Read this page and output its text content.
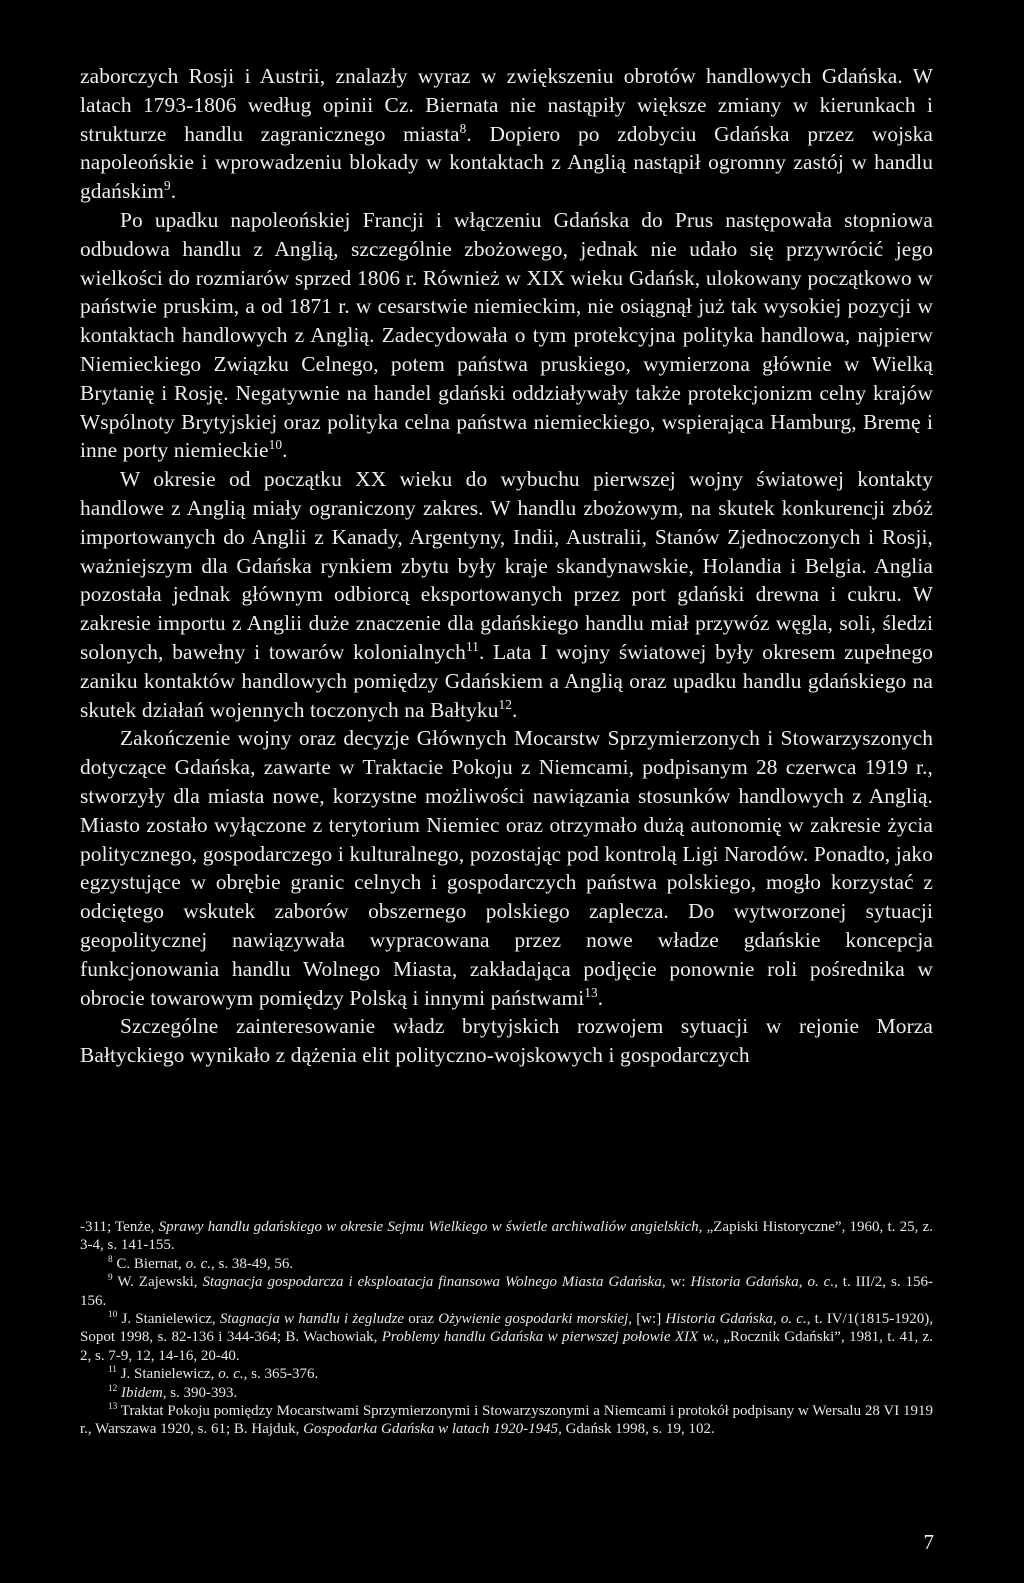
zaborczych Rosji i Austrii, znalazły wyraz w zwiększeniu obrotów handlowych Gdańska. W latach 1793-1806 według opinii Cz. Biernata nie nastąpiły większe zmiany w kierunkach i strukturze handlu zagranicznego miasta$^8$. Dopiero po zdobyciu Gdańska przez wojska napoleońskie i wprowadzeniu blokady w kontaktach z Anglią nastąpił ogromny zastój w handlu gdańskim$^9$.

Po upadku napoleońskiej Francji i włączeniu Gdańska do Prus następowała stopniowa odbudowa handlu z Anglią, szczególnie zbożowego, jednak nie udało się przywrócić jego wielkości do rozmiarów sprzed 1806 r. Również w XIX wieku Gdańsk, ulokowany początkowo w państwie pruskim, a od 1871 r. w cesarstwie niemieckim, nie osiągnął już tak wysokiej pozycji w kontaktach handlowych z Anglią. Zadecydowała o tym protekcyjna polityka handlowa, najpierw Niemieckiego Związku Celnego, potem państwa pruskiego, wymierzona głównie w Wielką Brytanię i Rosję. Negatywnie na handel gdański oddziaływały także protekcjonizm celny krajów Wspólnoty Brytyjskiej oraz polityka celna państwa niemieckiego, wspierająca Hamburg, Bremę i inne porty niemieckie$^{10}$.

W okresie od początku XX wieku do wybuchu pierwszej wojny światowej kontakty handlowe z Anglią miały ograniczony zakres. W handlu zbożowym, na skutek konkurencji zbóż importowanych do Anglii z Kanady, Argentyny, Indii, Australii, Stanów Zjednoczonych i Rosji, ważniejszym dla Gdańska rynkiem zbytu były kraje skandynawskie, Holandia i Belgia. Anglia pozostała jednak głównym odbiorcą eksportowanych przez port gdański drewna i cukru. W zakresie importu z Anglii duże znaczenie dla gdańskiego handlu miał przywóz węgla, soli, śledzi solonych, bawełny i towarów kolonialnych$^{11}$. Lata I wojny światowej były okresem zupełnego zaniku kontaktów handlowych pomiędzy Gdańskiem a Anglią oraz upadku handlu gdańskiego na skutek działań wojennych toczonych na Bałtyku$^{12}$.

Zakończenie wojny oraz decyzje Głównych Mocarstw Sprzymierzonych i Stowarzyszonych dotyczące Gdańska, zawarte w Traktacie Pokoju z Niemcami, podpisanym 28 czerwca 1919 r., stworzyły dla miasta nowe, korzystne możliwości nawiązania stosunków handlowych z Anglią. Miasto zostało wyłączone z terytorium Niemiec oraz otrzymało dużą autonomię w zakresie życia politycznego, gospodarczego i kulturalnego, pozostając pod kontrolą Ligi Narodów. Ponadto, jako egzystujące w obrębie granic celnych i gospodarczych państwa polskiego, mogło korzystać z odciętego wskutek zaborów obszernego polskiego zaplecza. Do wytworzonej sytuacji geopolitycznej nawiązywała wypracowana przez nowe władze gdańskie koncepcja funkcjonowania handlu Wolnego Miasta, zakładająca podjęcie ponownie roli pośrednika w obrocie towarowym pomiędzy Polską i innymi państwami$^{13}$.

Szczególne zainteresowanie władz brytyjskich rozwojem sytuacji w rejonie Morza Bałtyckiego wynikało z dążenia elit polityczno-wojskowych i gospodarczych

-311; Tenże, Sprawy handlu gdańskiego w okresie Sejmu Wielkiego w świetle archiwaliów angielskich, „Zapiski Historyczne”, 1960, t. 25, z. 3-4, s. 141-155.

$^8$ C. Biernat, o. c., s. 38-49, 56.

$^9$ W. Zajewski, Stagnacja gospodarcza i eksploatacja finansowa Wolnego Miasta Gdańska, w: Historia Gdańska, o. c., t. III/2, s. 156-156.

$^{10}$ J. Stanielewicz, Stagnacja w handlu i żegludze oraz Ożywienie gospodarki morskiej, [w:] Historia Gdańska, o. c., t. IV/1(1815-1920), Sopot 1998, s. 82-136 i 344-364; B. Wachowiak, Problemy handlu Gdańska w pierwszej połowie XIX w., „Rocznik Gdański”, 1981, t. 41, z. 2, s. 7-9, 12, 14-16, 20-40.

$^{11}$ J. Stanielewicz, o. c., s. 365-376.

$^{12}$ Ibidem, s. 390-393.

$^{13}$ Traktat Pokoju pomiędzy Mocarstwami Sprzymierzonymi i Stowarzyszonymi a Niemcami i protokół podpisany w Wersalu 28 VI 1919 r., Warszawa 1920, s. 61; B. Hajduk, Gospodarka Gdańska w latach 1920-1945, Gdańsk 1998, s. 19, 102.

7
